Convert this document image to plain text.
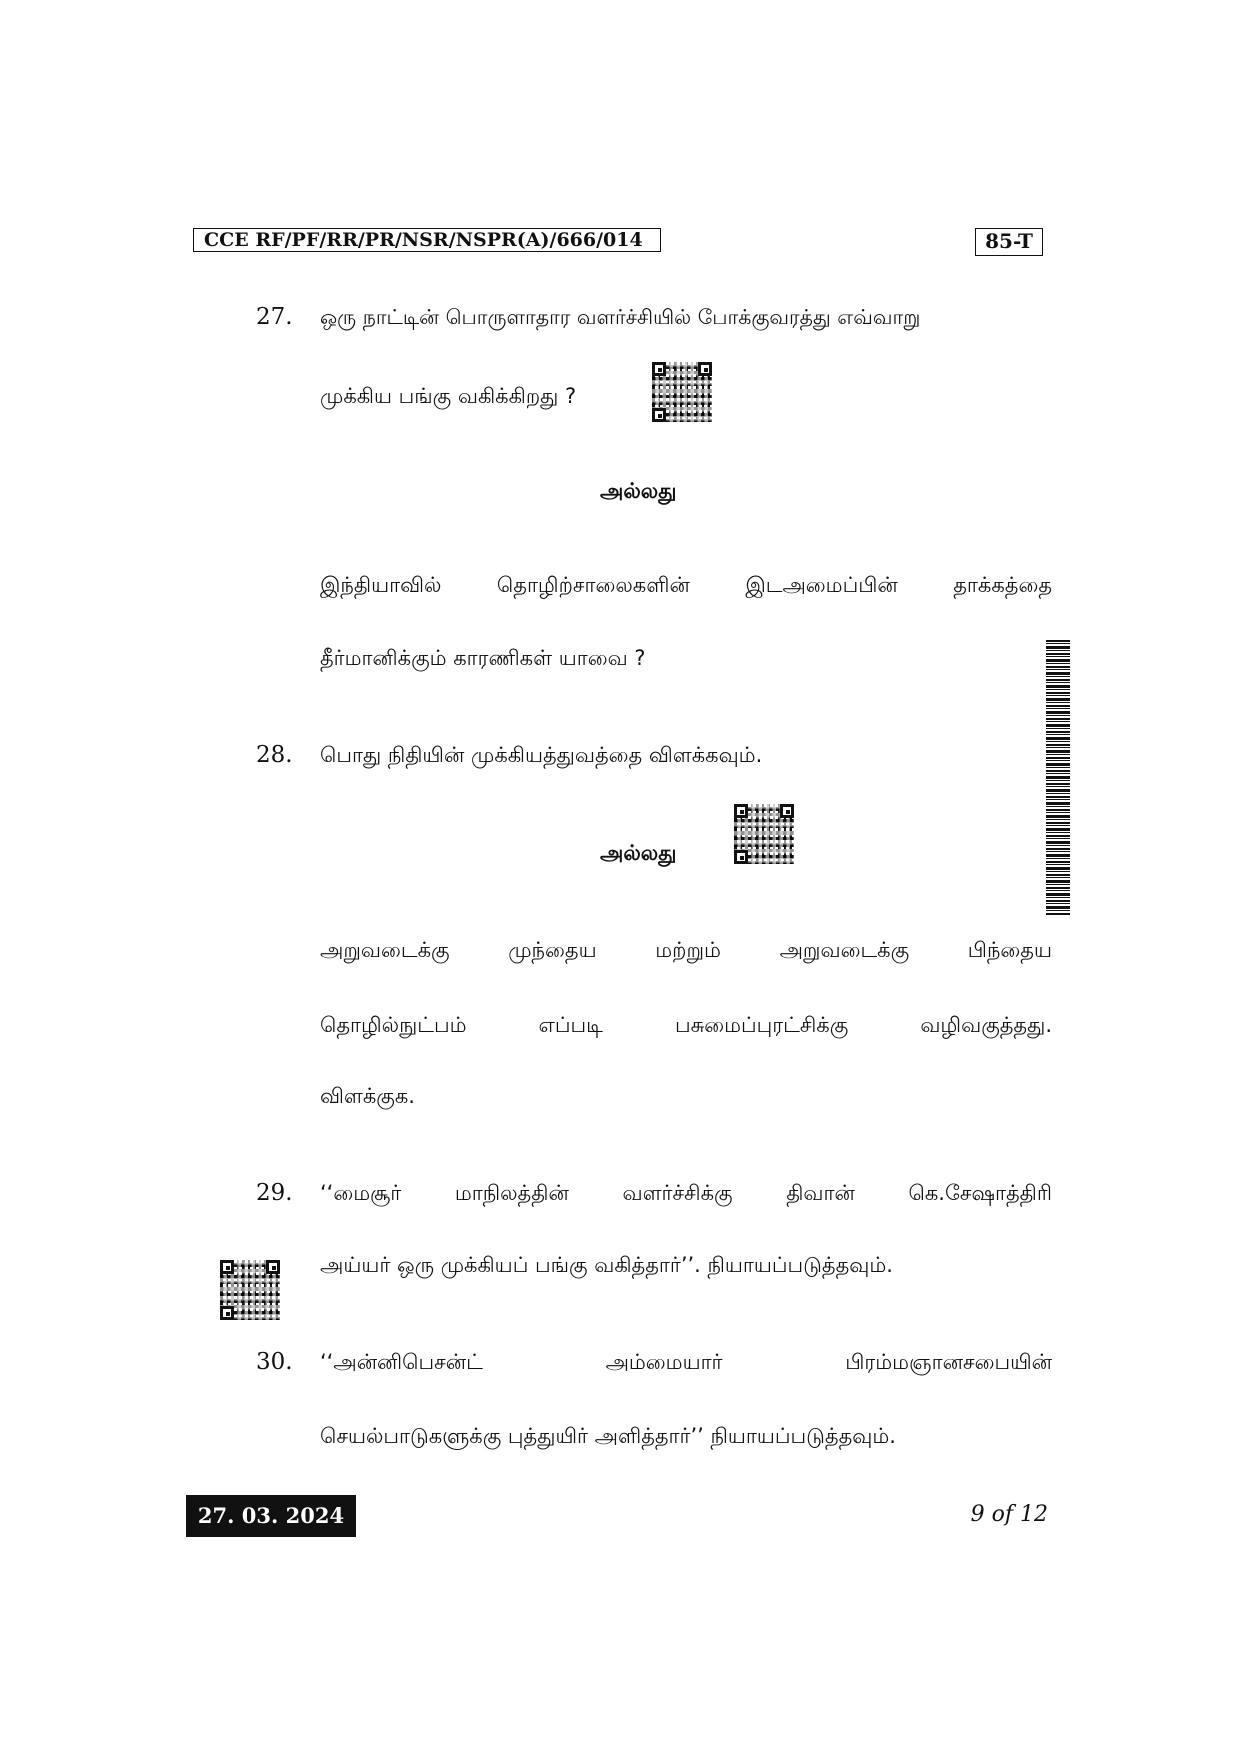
CCE RF/PF/RR/PR/NSR/NSPR(A)/666/014	85-T
27.	ஒரு நாட்டின் பொருளாதார வளர்ச்சியில் போக்குவரத்து எவ்வாறு
முக்கிய பங்கு வகிக்கிறது ?
அல்லது
இந்தியாவில் தொழிற்சாலைகளின் இடஅமைப்பின் தாக்கத்தை
தீர்மானிக்கும் காரணிகள் யாவை ?
28.	பொது நிதியின் முக்கியத்துவத்தை விளக்கவும்.
அல்லது
அறுவடைக்கு முந்தைய மற்றும் அறுவடைக்கு பிந்தைய
தொழில்நுட்பம் எப்படி பசுமைப்புரட்சிக்கு வழிவகுத்தது.
விளக்குக.
29.	‘‘மைசூர் மாநிலத்தின் வளர்ச்சிக்கு திவான் கெ.சேஷாத்திரி
அய்யர் ஒரு முக்கியப் பங்கு வகித்தார்’’. நியாயப்படுத்தவும்.
30.	‘‘அன்னிபெசன்ட் அம்மையார் பிரம்மஞானசபையின்
செயல்பாடுகளுக்கு புத்துயிர் அளித்தார்’’ நியாயப்படுத்தவும்.
27. 03. 2024	9 of 12
